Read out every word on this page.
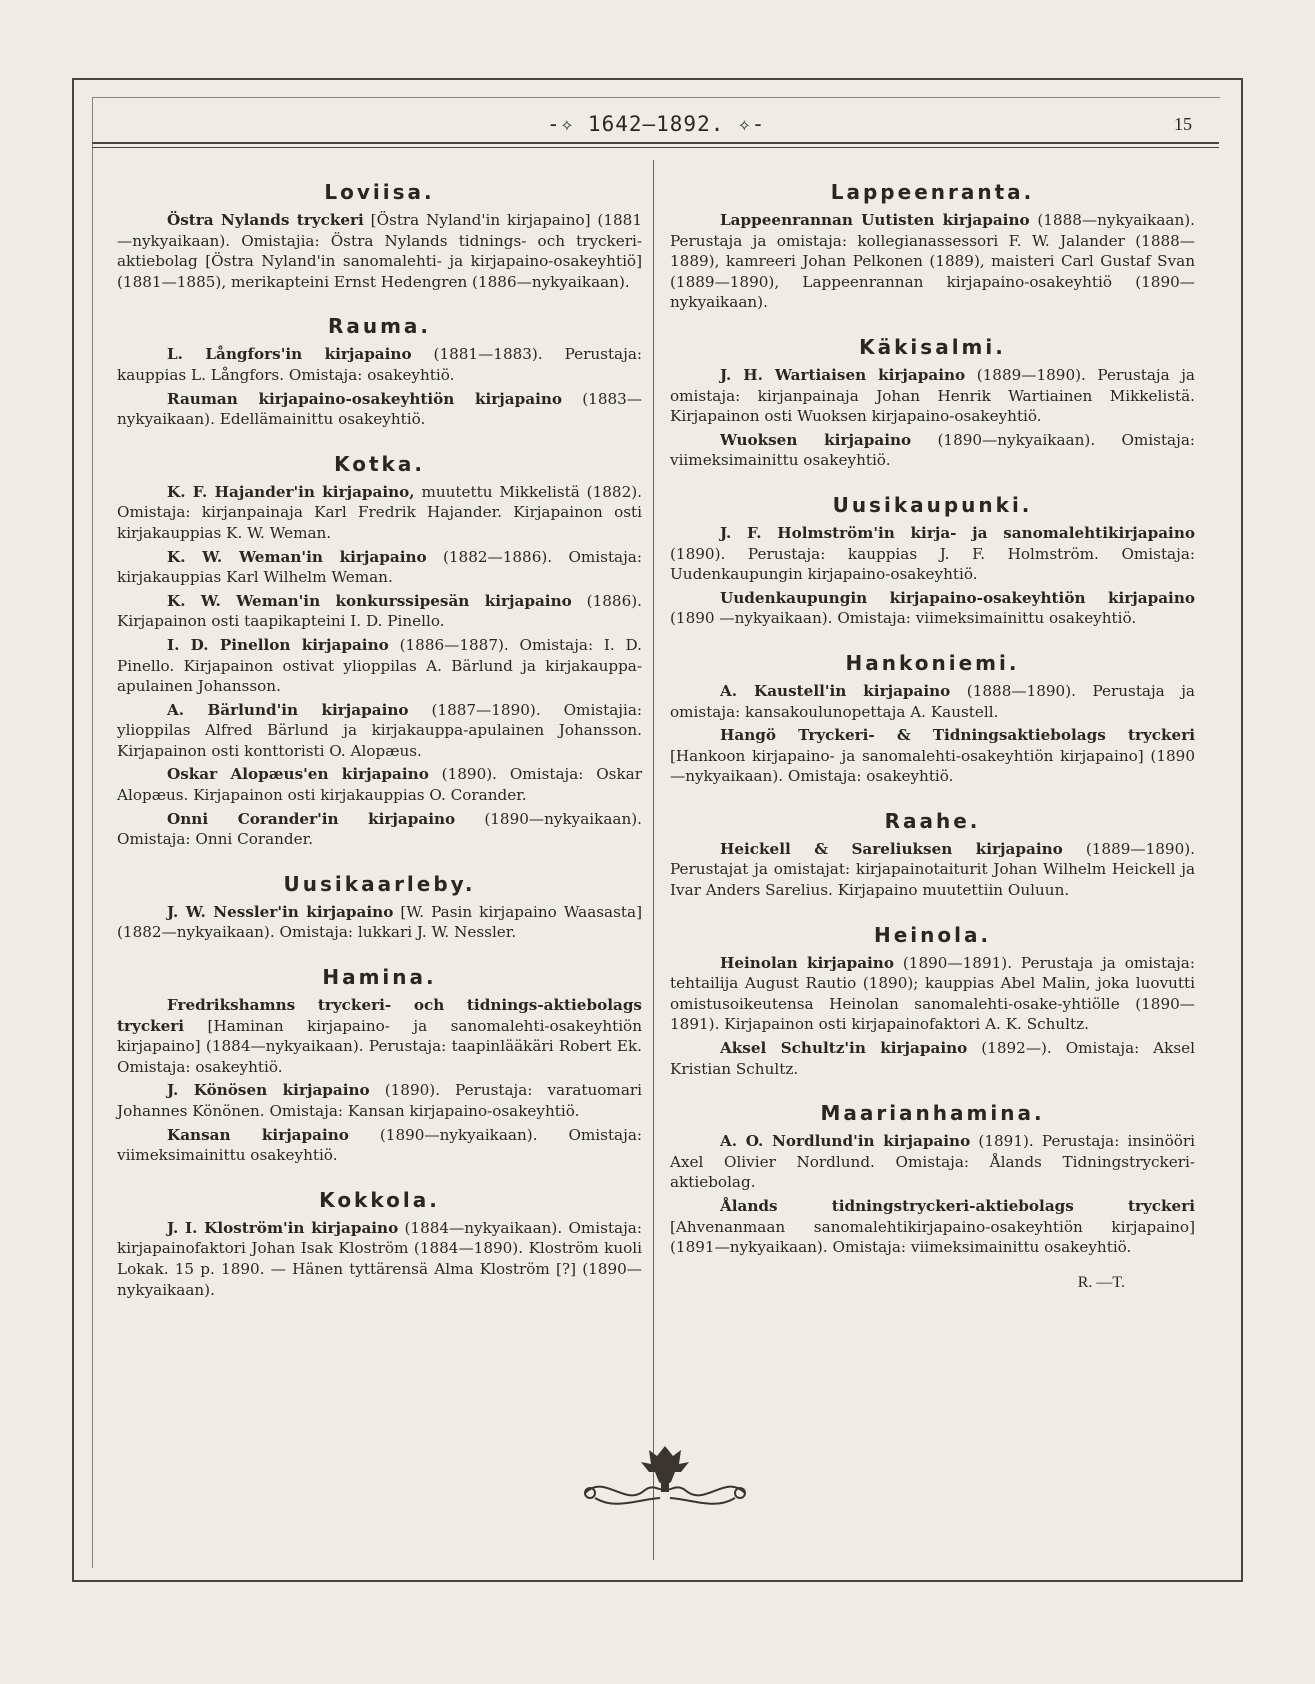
-✧ 1642—1892. ✧-	15
Loviisa.

Östra Nylands tryckeri [Östra Nyland'in kirjapaino] (1881—nykyaikaan). Omistajia: Östra Nylands tidnings- och tryckeri-aktiebolag [Östra Nyland'in sanomalehti- ja kirjapaino-osakeyhtiö] (1881—1885), merikapteini Ernst Hedengren (1886—nykyaikaan).

Rauma.

L. Långfors'in kirjapaino (1881—1883). Perustaja: kauppias L. Långfors. Omistaja: osakeyhtiö.

Rauman kirjapaino-osakeyhtiön kirjapaino (1883—nykyaikaan). Edellämainittu osakeyhtiö.

Kotka.

K. F. Hajander'in kirjapaino, muutettu Mikkelistä (1882). Omistaja: kirjanpainaja Karl Fredrik Hajander. Kirjapainon osti kirjakauppias K. W. Weman.

K. W. Weman'in kirjapaino (1882—1886). Omistaja: kirjakauppias Karl Wilhelm Weman.

K. W. Weman'in konkurssipesän kirjapaino (1886). Kirjapainon osti taapikapteini I. D. Pinello.

I. D. Pinellon kirjapaino (1886—1887). Omistaja: I. D. Pinello. Kirjapainon ostivat ylioppilas A. Bärlund ja kirjakauppa-apulainen Johansson.

A. Bärlund'in kirjapaino (1887—1890). Omistajia: ylioppilas Alfred Bärlund ja kirjakauppa-apulainen Johansson. Kirjapainon osti konttoristi O. Alopæus.

Oskar Alopæus'en kirjapaino (1890). Omistaja: Oskar Alopæus. Kirjapainon osti kirjakauppias O. Corander.

Onni Corander'in kirjapaino (1890—nykyaikaan). Omistaja: Onni Corander.

Uusikaarleby.

J. W. Nessler'in kirjapaino [W. Pasin kirjapaino Waasasta] (1882—nykyaikaan). Omistaja: lukkari J. W. Nessler.

Hamina.

Fredrikshamns tryckeri- och tidnings-aktiebolags tryckeri [Haminan kirjapaino- ja sanomalehti-osakeyhtiön kirjapaino] (1884—nykyaikaan). Perustaja: taapinlääkäri Robert Ek. Omistaja: osakeyhtiö.

J. Könösen kirjapaino (1890). Perustaja: varatuomari Johannes Könönen. Omistaja: Kansan kirjapaino-osakeyhtiö.

Kansan kirjapaino (1890—nykyaikaan). Omistaja: viimeksimainittu osakeyhtiö.

Kokkola.

J. I. Kloström'in kirjapaino (1884—nykyaikaan). Omistaja: kirjapainofaktori Johan Isak Kloström (1884—1890). Kloström kuoli Lokak. 15 p. 1890. — Hänen tyttärensä Alma Kloström [?] (1890—nykyaikaan).

Lappeenranta.

Lappeenrannan Uutisten kirjapaino (1888—nykyaikaan). Perustaja ja omistaja: kollegianassessori F. W. Jalander (1888—1889), kamreeri Johan Pelkonen (1889), maisteri Carl Gustaf Svan (1889—1890), Lappeenrannan kirjapaino-osakeyhtiö (1890—nykyaikaan).

Käkisalmi.

J. H. Wartiaisen kirjapaino (1889—1890). Perustaja ja omistaja: kirjanpainaja Johan Henrik Wartiainen Mikkelistä. Kirjapainon osti Wuoksen kirjapaino-osakeyhtiö.

Wuoksen kirjapaino (1890—nykyaikaan). Omistaja: viimeksimainittu osakeyhtiö.

Uusikaupunki.

J. F. Holmström'in kirja- ja sanomalehtikirjapaino (1890). Perustaja: kauppias J. F. Holmström. Omistaja: Uudenkaupungin kirjapaino-osakeyhtiö.

Uudenkaupungin kirjapaino-osakeyhtiön kirjapaino (1890 —nykyaikaan). Omistaja: viimeksimainittu osakeyhtiö.

Hankoniemi.

A. Kaustell'in kirjapaino (1888—1890). Perustaja ja omistaja: kansakoulunopettaja A. Kaustell.

Hangö Tryckeri- & Tidningsaktiebolags tryckeri [Hankoon kirjapaino- ja sanomalehti-osakeyhtiön kirjapaino] (1890 —nykyaikaan). Omistaja: osakeyhtiö.

Raahe.

Heickell & Sareliuksen kirjapaino (1889—1890). Perustajat ja omistajat: kirjapainotaiturit Johan Wilhelm Heickell ja Ivar Anders Sarelius. Kirjapaino muutettiin Ouluun.

Heinola.

Heinolan kirjapaino (1890—1891). Perustaja ja omistaja: tehtailija August Rautio (1890); kauppias Abel Malin, joka luovutti omistusoikeutensa Heinolan sanomalehti-osake-yhtiölle (1890—1891). Kirjapainon osti kirjapainofaktori A. K. Schultz.

Aksel Schultz'in kirjapaino (1892—). Omistaja: Aksel Kristian Schultz.

Maarianhamina.

A. O. Nordlund'in kirjapaino (1891). Perustaja: insinööri Axel Olivier Nordlund. Omistaja: Ålands Tidningstryckeri-aktiebolag.

Ålands tidningstryckeri-aktiebolags tryckeri [Ahvenanmaan sanomalehtikirjapaino-osakeyhtiön kirjapaino] (1891—nykyaikaan). Omistaja: viimeksimainittu osakeyhtiö.

R. —T.
